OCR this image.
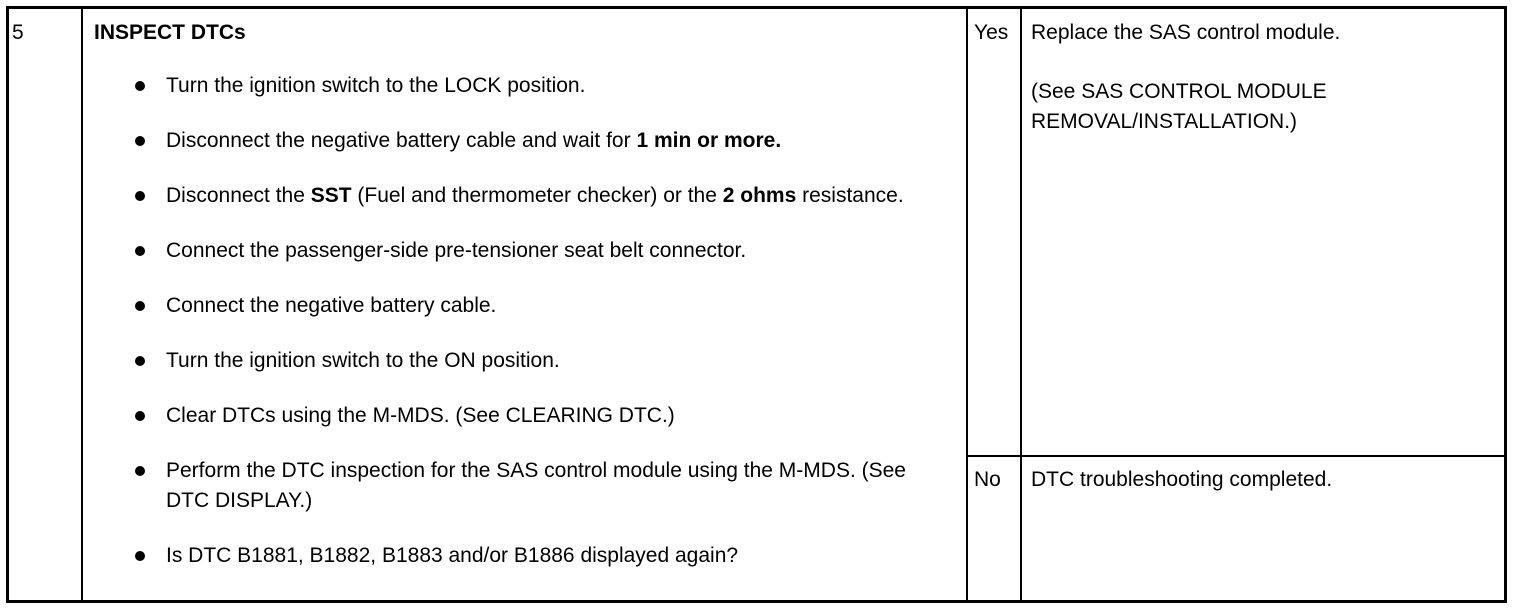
5	INSPECT DTCs
Turn the ignition switch to the LOCK position.
Disconnect the negative battery cable and wait for 1 min or more.
Disconnect the SST (Fuel and thermometer checker) or the 2 ohms resistance.
Connect the passenger-side pre-tensioner seat belt connector.
Connect the negative battery cable.
Turn the ignition switch to the ON position.
Clear DTCs using the M-MDS. (See CLEARING DTC.)
Perform the DTC inspection for the SAS control module using the M-MDS. (See DTC DISPLAY.)
Is DTC B1881, B1882, B1883 and/or B1886 displayed again?
Yes Replace the SAS control module.
(See SAS CONTROL MODULE REMOVAL/INSTALLATION.)
No DTC troubleshooting completed.
